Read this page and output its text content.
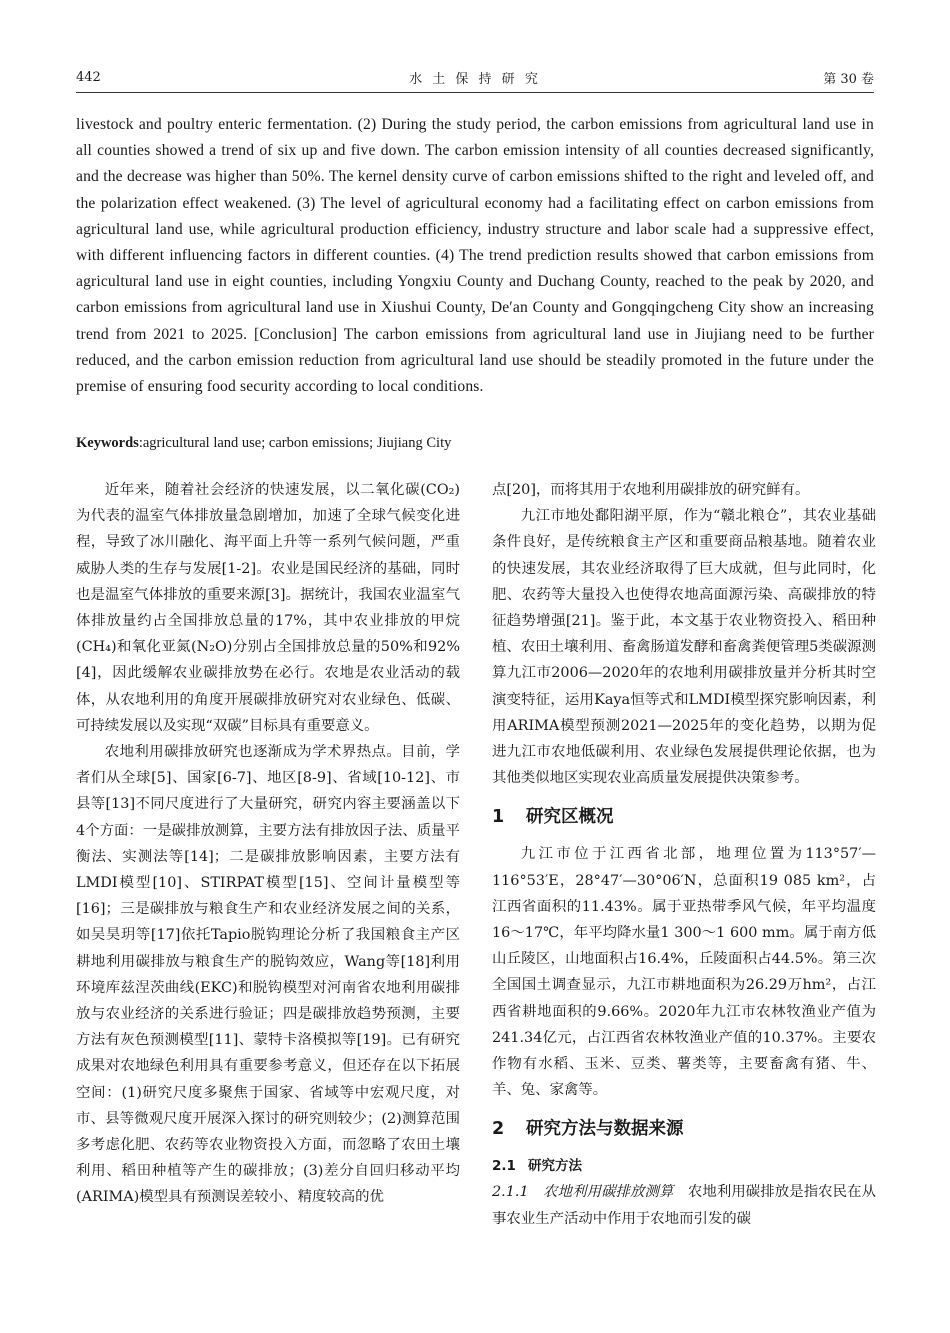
442	水 土 保 持 研 究	第 30 卷
livestock and poultry enteric fermentation. (2) During the study period, the carbon emissions from agricultural land use in all counties showed a trend of six up and five down. The carbon emission intensity of all counties decreased significantly, and the decrease was higher than 50%. The kernel density curve of carbon emissions shifted to the right and leveled off, and the polarization effect weakened. (3) The level of agricultural economy had a facilitating effect on carbon emissions from agricultural land use, while agricultural production efficiency, industry structure and labor scale had a suppressive effect, with different influencing factors in different counties. (4) The trend prediction results showed that carbon emissions from agricultural land use in eight counties, including Yongxiu County and Duchang County, reached to the peak by 2020, and carbon emissions from agricultural land use in Xiushui County, De′an County and Gongqingcheng City show an increasing trend from 2021 to 2025. [Conclusion] The carbon emissions from agricultural land use in Jiujiang need to be further reduced, and the carbon emission reduction from agricultural land use should be steadily promoted in the future under the premise of ensuring food security according to local conditions.
Keywords:agricultural land use; carbon emissions; Jiujiang City

近年来，随着社会经济的快速发展，以二氧化碳(CO₂)为代表的温室气体排放量急剧增加，加速了全球气候变化进程，导致了冰川融化、海平面上升等一系列气候问题，严重威胁人类的生存与发展[1-2]。农业是国民经济的基础，同时也是温室气体排放的重要来源[3]。据统计，我国农业温室气体排放量约占全国排放总量的17%，其中农业排放的甲烷(CH₄)和氧化亚氮(N₂O)分别占全国排放总量的50%和92%[4]，因此缓解农业碳排放势在必行。农地是农业活动的载体，从农地利用的角度开展碳排放研究对农业绿色、低碳、可持续发展以及实现“双碳”目标具有重要意义。

农地利用碳排放研究也逐渐成为学术界热点。目前，学者们从全球[5]、国家[6-7]、地区[8-9]、省域[10-12]、市县等[13]不同尺度进行了大量研究，研究内容主要涵盖以下4个方面：一是碳排放测算，主要方法有排放因子法、质量平衡法、实测法等[14]；二是碳排放影响因素，主要方法有LMDI模型[10]、STIRPAT模型[15]、空间计量模型等[16]；三是碳排放与粮食生产和农业经济发展之间的关系，如吴昊玥等[17]依托Tapio脱钩理论分析了我国粮食主产区耕地利用碳排放与粮食生产的脱钩效应，Wang等[18]利用环境库兹涅茨曲线(EKC)和脱钩模型对河南省农地利用碳排放与农业经济的关系进行验证；四是碳排放趋势预测，主要方法有灰色预测模型[11]、蒙特卡洛模拟等[19]。已有研究成果对农地绿色利用具有重要参考意义，但还存在以下拓展空间：(1)研究尺度多聚焦于国家、省域等中宏观尺度，对市、县等微观尺度开展深入探讨的研究则较少；(2)测算范围多考虑化肥、农药等农业物资投入方面，而忽略了农田土壤利用、稻田种植等产生的碳排放；(3)差分自回归移动平均(ARIMA)模型具有预测误差较小、精度较高的优

点[20]，而将其用于农地利用碳排放的研究鲜有。

九江市地处鄱阳湖平原，作为“赣北粮仓”，其农业基础条件良好，是传统粮食主产区和重要商品粮基地。随着农业的快速发展，其农业经济取得了巨大成就，但与此同时，化肥、农药等大量投入也使得农地高面源污染、高碳排放的特征趋势增强[21]。鉴于此，本文基于农业物资投入、稻田种植、农田土壤利用、畜禽肠道发酵和畜禽粪便管理5类碳源测算九江市2006—2020年的农地利用碳排放量并分析其时空演变特征，运用Kaya恒等式和LMDI模型探究影响因素，利用ARIMA模型预测2021—2025年的变化趋势，以期为促进九江市农地低碳利用、农业绿色发展提供理论依据，也为其他类似地区实现农业高质量发展提供决策参考。

1 研究区概况

九江市位于江西省北部，地理位置为113°57′—116°53′E，28°47′—30°06′N，总面积19 085 km²，占江西省面积的11.43%。属于亚热带季风气候，年平均温度16～17℃，年平均降水量1 300～1 600 mm。属于南方低山丘陵区，山地面积占16.4%，丘陵面积占44.5%。第三次全国国土调查显示，九江市耕地面积为26.29万hm²，占江西省耕地面积的9.66%。2020年九江市农林牧渔业产值为241.34亿元，占江西省农林牧渔业产值的10.37%。主要农作物有水稻、玉米、豆类、薯类等，主要畜禽有猪、牛、羊、兔、家禽等。

2 研究方法与数据来源
2.1 研究方法

2.1.1　农地利用碳排放测算　农地利用碳排放是指农民在从事农业生产活动中作用于农地而引发的碳
